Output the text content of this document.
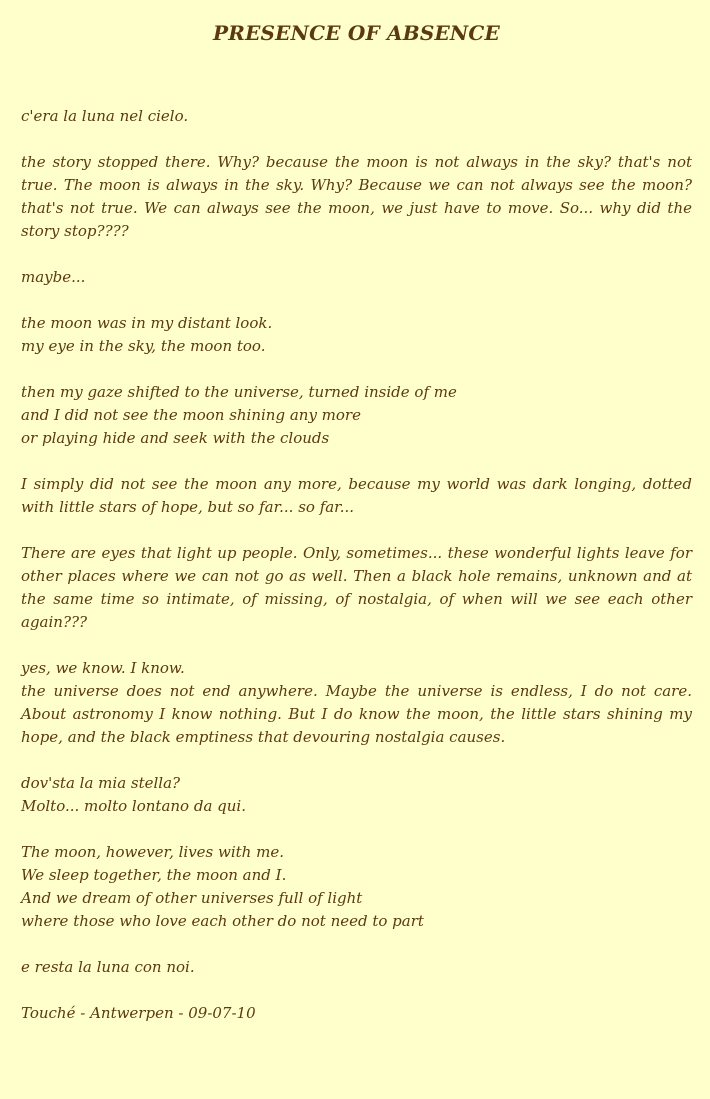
PRESENCE OF ABSENCE

c'era la luna nel cielo.

the story stopped there. Why? because the moon is not always in the sky? that's not true. The moon is always in the sky. Why? Because we can not always see the moon? that's not true. We can always see the moon, we just have to move. So... why did the story stop????

maybe...

the moon was in my distant look.
my eye in the sky, the moon too.

then my gaze shifted to the universe, turned inside of me
and I did not see the moon shining any more
or playing hide and seek with the clouds

I simply did not see the moon any more, because my world was dark longing, dotted with little stars of hope, but so far... so far...

There are eyes that light up people. Only, sometimes... these wonderful lights leave for other places where we can not go as well. Then a black hole remains, unknown and at the same time so intimate, of missing, of nostalgia, of when will we see each other again???

yes, we know. I know.
the universe does not end anywhere. Maybe the universe is endless, I do not care. About astronomy I know nothing. But I do know the moon, the little stars shining my hope, and the black emptiness that devouring nostalgia causes.

dov'sta la mia stella?
Molto... molto lontano da qui.

The moon, however, lives with me.
We sleep together, the moon and I.
And we dream of other universes full of light
where those who love each other do not need to part

e resta la luna con noi.

Touché - Antwerpen - 09-07-10
